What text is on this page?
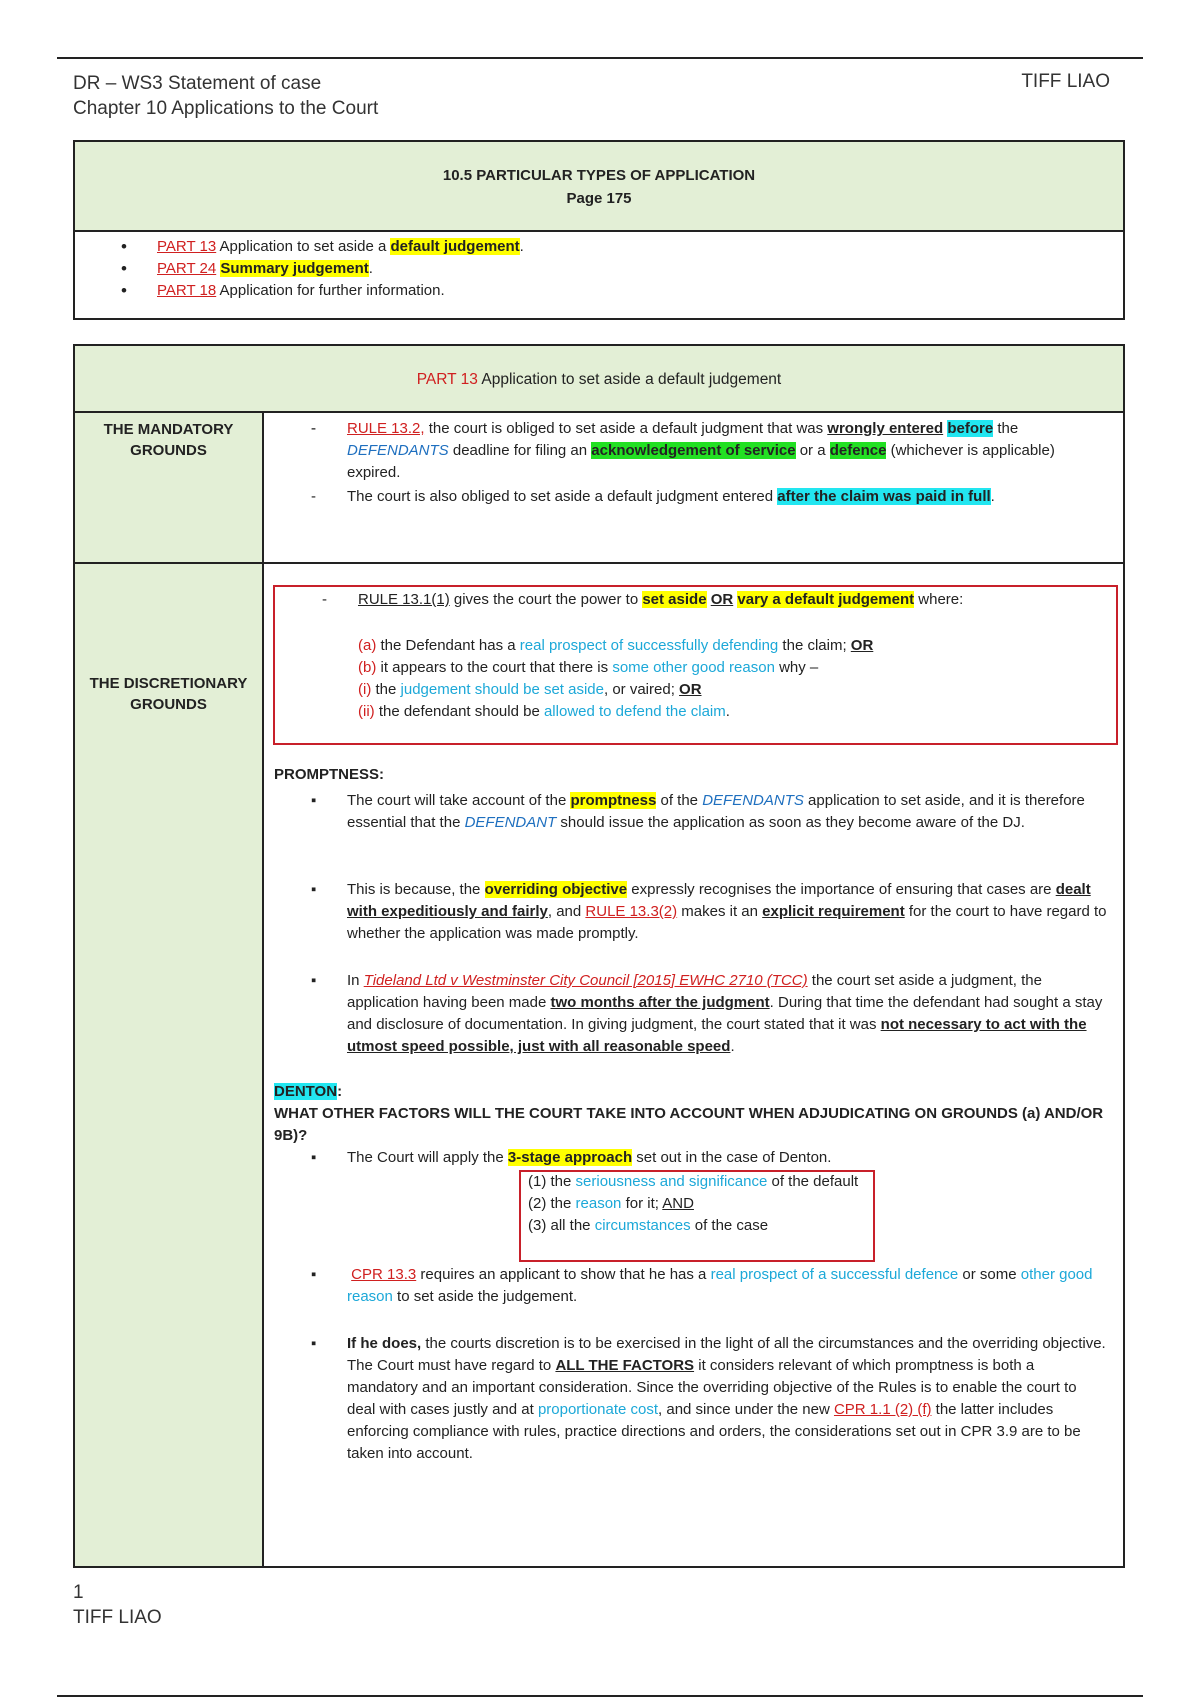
DR – WS3 Statement of case
Chapter 10 Applications to the Court
TIFF LIAO
10.5 PARTICULAR TYPES OF APPLICATION
Page 175
• PART 13 Application to set aside a default judgement.
• PART 24 Summary judgement.
• PART 18 Application for further information.
PART 13 Application to set aside a default judgement
THE MANDATORY
GROUNDS
- RULE 13.2, the court is obliged to set aside a default judgment that was wrongly entered before the DEFENDANTS deadline for filing an acknowledgement of service or a defence (whichever is applicable) expired.
- The court is also obliged to set aside a default judgment entered after the claim was paid in full.
THE DISCRETIONARY
GROUNDS
- RULE 13.1(1) gives the court the power to set aside OR vary a default judgement where:
(a) the Defendant has a real prospect of successfully defending the claim; OR
(b) it appears to the court that there is some other good reason why –
(i) the judgement should be set aside, or vaired; OR
(ii) the defendant should be allowed to defend the claim.
PROMPTNESS:
▪ The court will take account of the promptness of the DEFENDANTS application to set aside, and it is therefore essential that the DEFENDANT should issue the application as soon as they become aware of the DJ.
▪ This is because, the overriding objective expressly recognises the importance of ensuring that cases are dealt with expeditiously and fairly, and RULE 13.3(2) makes it an explicit requirement for the court to have regard to whether the application was made promptly.
▪ In Tideland Ltd v Westminster City Council [2015] EWHC 2710 (TCC) the court set aside a judgment, the application having been made two months after the judgment. During that time the defendant had sought a stay and disclosure of documentation. In giving judgment, the court stated that it was not necessary to act with the utmost speed possible, just with all reasonable speed.
DENTON:
WHAT OTHER FACTORS WILL THE COURT TAKE INTO ACCOUNT WHEN ADJUDICATING ON GROUNDS (a) AND/OR 9B)?
▪ The Court will apply the 3-stage approach set out in the case of Denton.
(1) the seriousness and significance of the default
(2) the reason for it; AND
(3) all the circumstances of the case
▪ CPR 13.3 requires an applicant to show that he has a real prospect of a successful defence or some other good reason to set aside the judgement.
▪ If he does, the courts discretion is to be exercised in the light of all the circumstances and the overriding objective.
The Court must have regard to ALL THE FACTORS it considers relevant of which promptness is both a mandatory and an important consideration. Since the overriding objective of the Rules is to enable the court to deal with cases justly and at proportionate cost, and since under the new CPR 1.1 (2) (f) the latter includes enforcing compliance with rules, practice directions and orders, the considerations set out in CPR 3.9 are to be taken into account.
1
TIFF LIAO
